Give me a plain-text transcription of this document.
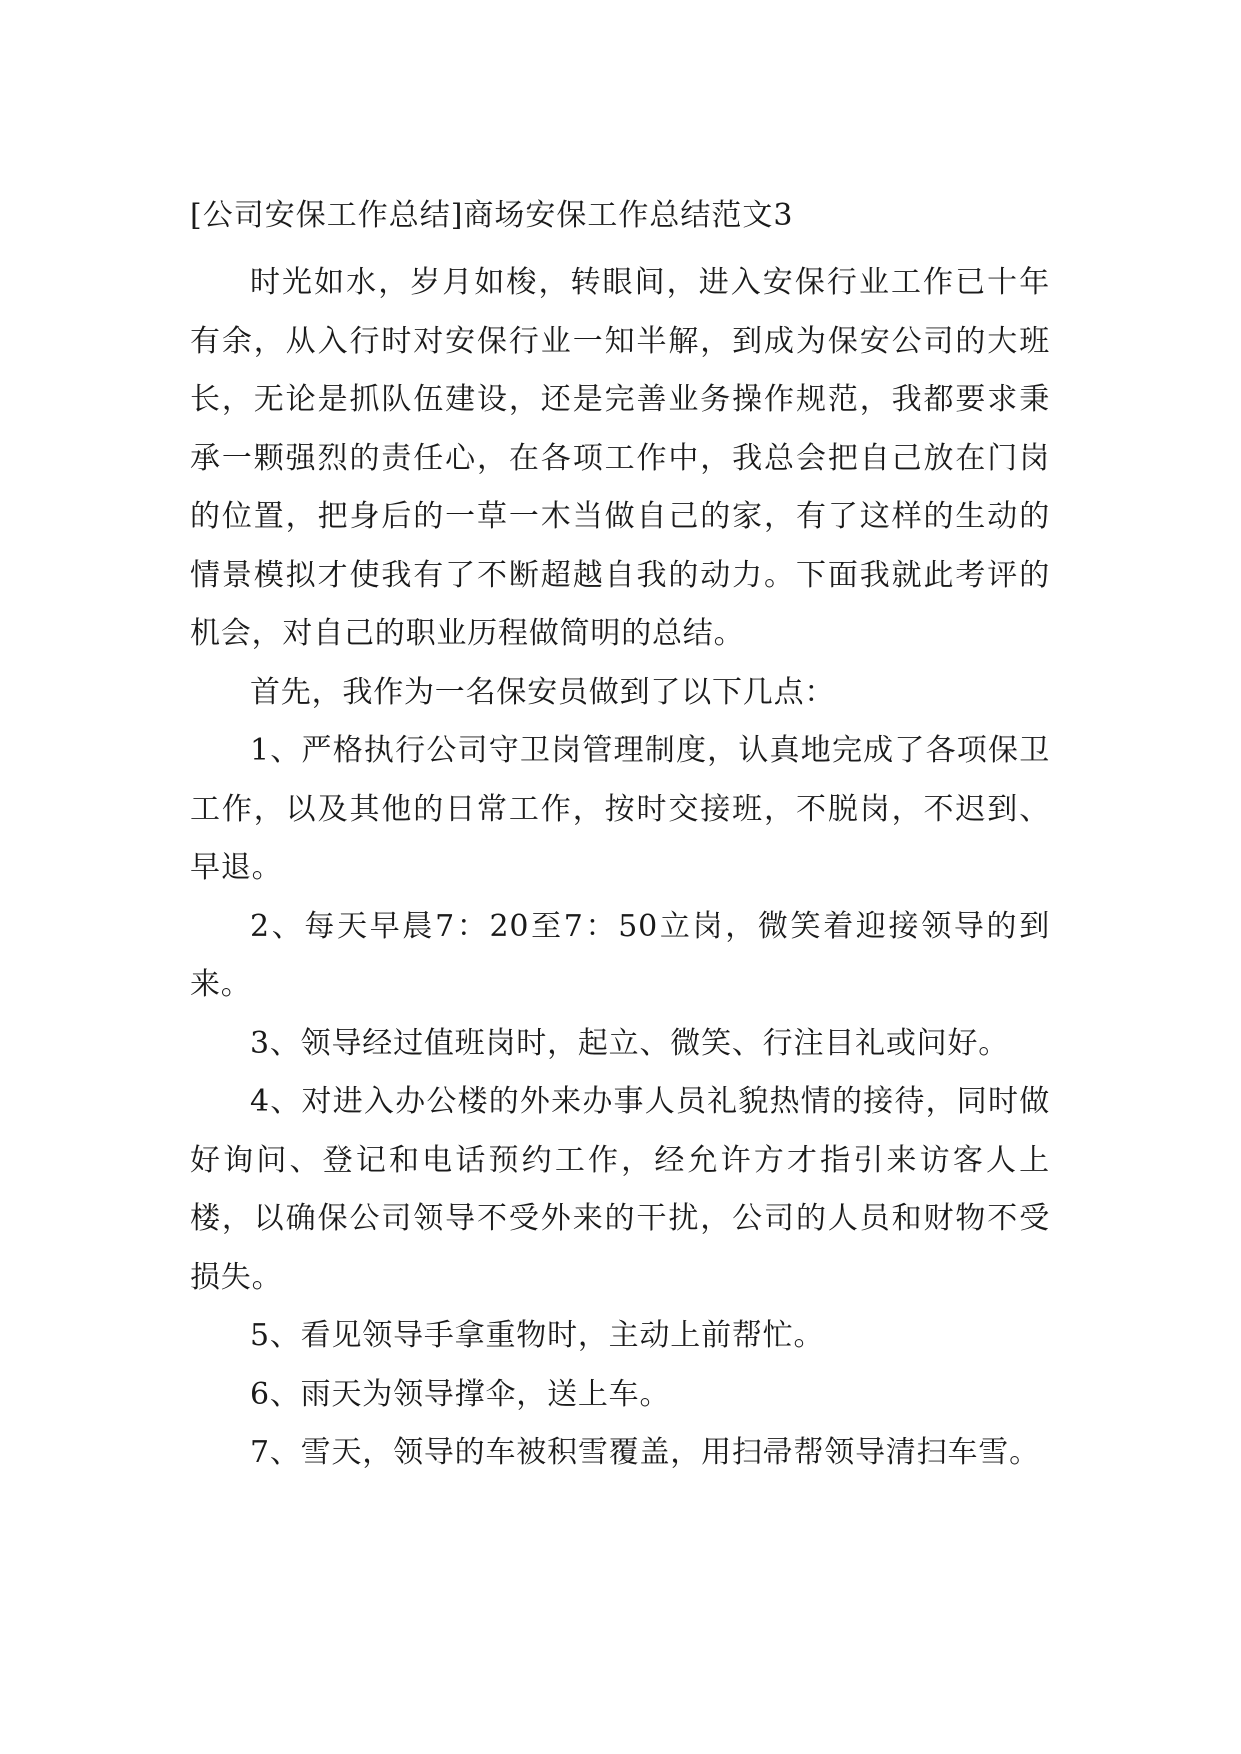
[公司安保工作总结]商场安保工作总结范文3

时光如水，岁月如梭，转眼间，进入安保行业工作已十年有余，从入行时对安保行业一知半解，到成为保安公司的大班长，无论是抓队伍建设，还是完善业务操作规范，我都要求秉承一颗强烈的责任心，在各项工作中，我总会把自己放在门岗的位置，把身后的一草一木当做自己的家，有了这样的生动的情景模拟才使我有了不断超越自我的动力。下面我就此考评的机会，对自己的职业历程做简明的总结。

首先，我作为一名保安员做到了以下几点：

1、严格执行公司守卫岗管理制度，认真地完成了各项保卫工作，以及其他的日常工作，按时交接班，不脱岗，不迟到、早退。

2、每天早晨7：20至7：50立岗，微笑着迎接领导的到来。

3、领导经过值班岗时，起立、微笑、行注目礼或问好。

4、对进入办公楼的外来办事人员礼貌热情的接待，同时做好询问、登记和电话预约工作，经允许方才指引来访客人上楼，以确保公司领导不受外来的干扰，公司的人员和财物不受损失。

5、看见领导手拿重物时，主动上前帮忙。

6、雨天为领导撑伞，送上车。

7、雪天，领导的车被积雪覆盖，用扫帚帮领导清扫车雪。
